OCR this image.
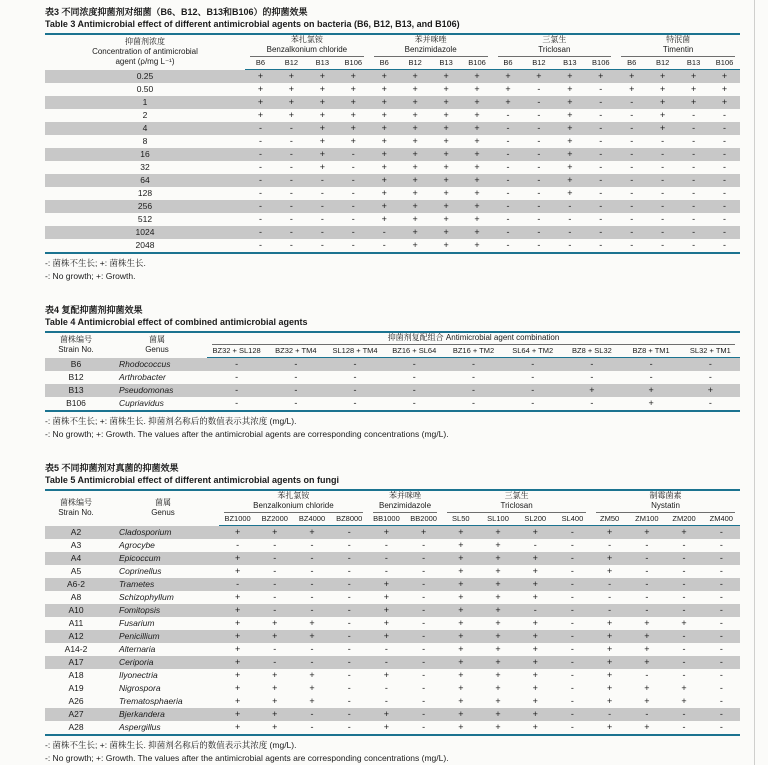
表3 不同浓度抑菌剂对细菌（B6、B12、B13和B106）的抑菌效果
Table 3 Antimicrobial effect of different antimicrobial agents on bacteria (B6, B12, B13, and B106)
抑菌剂浓度
Concentration of antimicrobial
agent (ρ/mg L⁻¹)

苯扎氯铵
Benzalkonium chloride

苯并咪唑
Benzimidazole

三氯生
Triclosan

特泯菌
Timentin

	B6	B12	B13	B106	B6	B12	B13	B106	B6	B12	B13	B106	B6	B12	B13	B106
0.25	+	+	+	+	+	+	+	+	+	+	+	+	+	+	+	+
0.50	+	+	+	+	+	+	+	+	+	-	+	-	+	+	+	+
1	+	+	+	+	+	+	+	+	+	-	+	-	-	+	+	+
2	+	+	+	+	+	+	+	+	-	-	+	-	-	+	-	-
4	-	-	+	+	+	+	+	+	-	-	+	-	-	+	-	-
8	-	-	+	+	+	+	+	+	-	-	+	-	-	-	-	-
16	-	-	+	-	+	+	+	+	-	-	+	-	-	-	-	-
32	-	-	+	-	+	+	+	+	-	-	+	-	-	-	-	-
64	-	-	-	-	+	+	+	+	-	-	+	-	-	-	-	-
128	-	-	-	-	+	+	+	+	-	-	+	-	-	-	-	-
256	-	-	-	-	+	+	+	+	-	-	-	-	-	-	-	-
512	-	-	-	-	+	+	+	+	-	-	-	-	-	-	-	-
1024	-	-	-	-	-	+	+	+	-	-	-	-	-	-	-	-
2048	-	-	-	-	-	+	+	+	-	-	-	-	-	-	-	-
-: 菌株不生长; +: 菌株生长.
-: No growth; +: Growth.
表4 复配抑菌剂抑菌效果
Table 4 Antimicrobial effect of combined antimicrobial agents
菌株编号
Strain No.

菌属
Genus

抑菌剂复配组合 Antimicrobial agent combination

		BZ32 + SL128	BZ32 + TM4	SL128 + TM4	BZ16 + SL64	BZ16 + TM2	SL64 + TM2	BZ8 + SL32	BZ8 + TM1	SL32 + TM1
B6	Rhodococcus	-	-	-	-	-	-	-	-	-
B12	Arthrobacter	-	-	-	-	-	-	-	-	-
B13	Pseudomonas	-	-	-	-	-	-	+	+	+
B106	Cupriavidus	-	-	-	-	-	-	-	+	-
-: 菌株不生长; +: 菌株生长. 抑菌剂名称后的数值表示其浓度 (mg/L).
-: No growth; +: Growth. The values after the antimicrobial agents are corresponding concentrations (mg/L).
表5 不同抑菌剂对真菌的抑菌效果
Table 5 Antimicrobial effect of different antimicrobial agents on fungi
菌株编号
Strain No.

菌属
Genus

苯扎氯铵
Benzalkonium chloride

苯并咪唑
Benzimidazole

三氯生
Triclosan

制霉菌素
Nystatin

		BZ1000	BZ2000	BZ4000	BZ8000	BB1000	BB2000	SL50	SL100	SL200	SL400	ZM50	ZM100	ZM200	ZM400
A2	Cladosporium	+	+	+	-	+	+	+	+	+	-	+	+	+	-
A3	Agrocybe	-	-	-	-	-	-	+	+	-	-	-	-	-	-
A4	Epicoccum	+	-	-	-	-	-	+	+	+	-	+	-	-	-
A5	Coprinellus	+	-	-	-	-	-	+	+	+	-	+	-	-	-
A6-2	Trametes	-	-	-	-	+	-	+	+	+	-	-	-	-	-
A8	Schizophyllum	+	-	-	-	+	-	+	+	+	-	-	-	-	-
A10	Fomitopsis	+	-	-	-	+	-	+	+	-	-	-	-	-	-
A11	Fusarium	+	+	+	-	+	-	+	+	+	-	+	+	+	-
A12	Penicillium	+	+	+	-	+	-	+	+	+	-	+	+	-	-
A14-2	Alternaria	+	-	-	-	-	-	+	+	+	-	+	+	-	-
A17	Ceriporia	+	-	-	-	-	-	+	+	+	-	+	+	-	-
A18	Ilyonectria	+	+	+	-	+	-	+	+	+	-	+	-	-	-
A19	Nigrospora	+	+	+	-	-	-	+	+	+	-	+	+	+	-
A26	Trematosphaeria	+	+	+	-	-	-	+	+	+	-	+	+	+	-
A27	Bjerkandera	+	+	-	-	+	-	+	+	+	-	-	-	-	-
A28	Aspergillus	+	+	-	-	+	-	+	+	+	-	+	+	-	-
-: 菌株不生长; +: 菌株生长. 抑菌剂名称后的数值表示其浓度 (mg/L).
-: No growth; +: Growth. The values after the antimicrobial agents are corresponding concentrations (mg/L).
